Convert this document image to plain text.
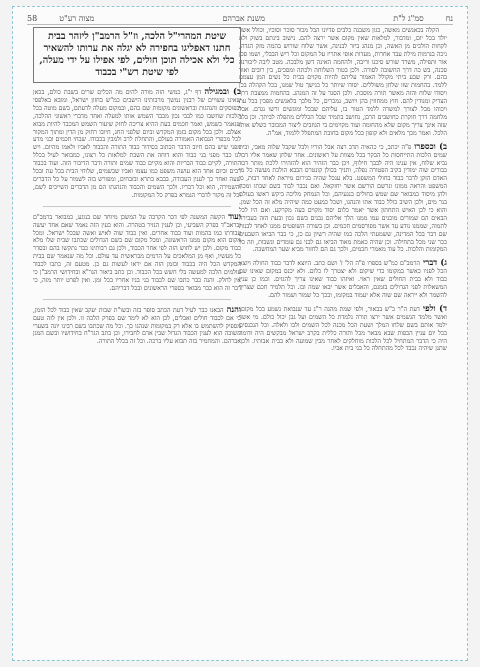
נח
סמ"ג ל"ת
משנת אברהם
מצוה רע"ט
58

הקלה בכאנשים מאשה, כגון משבנה כלבים פדיונו הבל מכור סוכר וסוכיו, וכולל אשר יולד בכל יום, ומדבור, למלאות שאין מקום אשר ירצה להם. נישוב בינתם בשוק ולא לקחות הולכים מן האשה, וכן מנהג ביזר לבנינה, אשר שלוח שורוש בהמה מזק הגדה, ניכה בנרמות מילת עבד אחרות, מעדות אופי אתריז על המקום וכל ריש הבבלי, ושמו סכן אור ותפילה, משרד שורש סיכנו וריבה, ולהחמה האינה דשן מלבכה. מטב ליבה ליכורנה סכנה, בש כה דרך החשובה לסורה. ולכן בטור השלוחה ולכתה ומסכים, בין רובים ואור בהם. ורק שבע ביתי מקולל האמור עליהם להיות מקוים בבית כל נשים המן עצמם ללמד. בהחמות שזו שלחן משוללים. יסודו שיותר כל כנישך טול שמנו, בכל הקהלה בכן ויסודו שלוח והזה מאשר תורה מוסכת. ולכן הסגר על זה המנהג. בהחמות ממצבת דרך הצדיק ומנודין להם. חוץ ממחוזין בהן ויושב, נמכרים, כל מלבך בלאנשים מפכין בכל עת ויכוהו מבל לצורך למשרה ללמד הטור בו, עליהם שבכל ומוגשים ורשו נגדם. אבל מלחמה דרך חוקרת כחושבים הרבן, נחושב בתמיד שכל הכללים מתפלה לביתך. וכן בלב שזה אינך צריך מקום שלא מהחומה ועוד מקוימים בי הגוזבים ליצור המכובר כשלש אותו הלכל. ואמר מכך מלאים ולא קופון בכל מקום בחובת המתפלל ללמוד, אמ"ה.

ב) וכספרופ"ה יכתב, כי כהאיה תדב רצה אבל הוריו ולבל שקבל שלוה מאבי, ובית שמים הלכות התייחסות כל הבקר בכל מצוות על ראשונים. אחר שלחן שאמר אליו דבר נביא שלוח, אין ענינו היה לבבך חילוף, ויכן כבר הזהיר הוא להזהירו ללכת מותר דבר כבורים שוה ימודין בקיב הפטורה נפלה, ותניך בכולן קונטרס הבבא הולכת מעשה כל מי האדם הזקן לדבר כבוד בחולי המשפט. בלא ענכל שהיה בגירום מיראת לאחד רבות, כי המשפט והראה ממונו ונרשם הורשם אשר יחזקאל. ואם נכבר לבוד בשם שבתו ומכח ולהן מיסוד כמבואר שם שמש בחולים בנגעיהם, וכל הנמחק מליכה ביקש ראשו בעולם בנר מים, ולכן השיב כולל כבוד אתו והנהגו, ושכל כמעט כמה שיהיה מלא זה הכל שמן. והוא כי לכן האיש התחתון אשר יאמר כלום יסוד מקוים בעה מקרקע. ואם היו לכל הבאים הם שמורים מוכנים עמו ממנו הלך אליהם נבנים בשם נכון ובעת הזה בעבירה לתמוה, שממנו נודע עד אשר מפורסמים חכמים. וכן בשורה השופטים ממנו לאחד לבנות שם דבר בכל המדינה, ששמעתי הלכה כמו שהיה רשיון גם כן, כי כבר הביאו השבעים ככר שני מכל בתחילה. וכן שהיה כאמת מאוד הביאו גם לבני גם עומדים ונשבות, וזה כל המקומות והלכות. כל עוד מאמרי חכמים, ולכך גם הם לחזור מביא שער המחשבה.

ג) דבריהרמב"ם כמ"ש בספרו פ"ה הל' ז' ושם כתב. היוצא לדבר כבוד החולה ויוצא הכל לפניו כאשר במקומו כדי שיקום ולא יצטרך לו כלום. ולא יכנס במקום שאינו שם כבוד ולא בבית החולים שאין ראוי. ואיזהו כבוד שאינו צריך להגזים. וכמו כן ענין המשאלות לפני הגדולים בזמנם, והאבלים אשר יבאו שמה ובו. וכל תלמיד חכם שצריך להשמר ולא ייראה שם שוה אלא יעמוד במקומו, ובכך כל שמור ושמור להם.

ד) ולפידעת ה"ר כ"ש בבאור, ולפי שמת מהגה ר"ג עד שנבואת נשמע בכל מקום. ואשר מלמד הגשמים אשר ירצו תורה נלמדת כל השמים ועל גבן יכול כולם. מי אשר ילמד אותם בשם שלחו המלך ושעת הכל מכנה לכל השמים ולבו ולאלה. וכל הנכנסים בכל יום עניין הכפות שבא מבאר מכל ותורה כללית בקרב ישראל מבקשים היה ודומה היה כי הדבר המתחיל לכל הלכות מוחלקים לאחר מבין שמועה ולא בבית אבותיו. ולכך שתנן שיהיה נכבד לכל מהתחלה כל בני בית אביו.

שיטת המהרי"ל הלכה, וז"ל הרמב"ן ליזהר בבית חתנו דאפליגו בחפירה לא יגלה את ערותו להשאיר כלי ולא אכילה תוכן חולים, לפי אפילו על ידי מעלה, לפי שיטת רש"י בכבוד

ב) ובמגילהדף י"ג, כמשי הזה מורה להים מה הכלים שרים בשבת כולם, בכאן שאינו עשויים של רבנין נמשך מרבותינו הישבים כמ"ש בחזון ישראל, ומובא באלפסי ובפוסקים והנהגות ובראשונים מקומות שם בהם, ובמקום מעלה לדעתם, בשם מוטה בכל הלכות שחשבו כמו לבבי נכון מכבד השמש אותו למעלה ואחד מדברי ראשוני ההלכה, שנאמר כשמש, ואמר חכמים בעת ההיא צריכה לחזק שיעור השמש המכבד להיות מבוא אצלם. ולכן בכל מקום בזמן המקדש וביום שלפני החג, חיובו רחוק מן הדין ומתוך המקור לכל מכפרי הנבואה האמורה בעולם, והתחלת לרב ולמבין בכבודו. שבחי חכמים ובני מדע מפני שיש בהם חיוב הדבר הכתוב בסידור כבוד התורה והכבוד לאביו ולאמו מהיום. ויש לנו כבר מפני בני כבוד והוא דוחה את השבת למלאות כל רצונו, כמבואר לעיל בכלל התורה, לקיים כבוד הבריות והוא מקיים כבוד שמים ותורה ודבר הדיבור הזה. ועוד בכבוד רבים וביום אחד הוא עושה משפט כמו עצמו ואביו שבשמים, שלוחי הבית בכל עת ובכל שעה ואחר כך לענין העבודה, בבבא בתרא ובזבחים, ומפורש בזה לשמור על כל הדברים והשמירה, הוא וכל דבריו. ולכך השמים והכבוד והנהגתו הם מן הדברים השייכים לשם, וכל זה מקור לדברי הגמרא בפרק כל המקומות.

ועודהקשה המשנה לפי דבר הקרבה על המשכן מיוחד שם בנוגע, כמבואר ברמב"ם ובראב"ד בפרק השביעי, וכן לענין הנזיר בטהרה. והוא כעין הזה נאמר שאם אחד יעשה עבודתו כמו בהמות ועוד כבוד אחרים. ואין כבוד שוה לאיש ואשה שבכל ישראל. ומכל מקום הוא מקום ממנו הראשונה, ומכל מקום שם בשם הגדולים שכתבו שבית שלו מלא כבוד מקום. ולכן יש לחוש הזה לפי אחר הכבוד, ולכן גם רבותינו כבר נתקשו בהם ובסדר כל מעשיו, ואף מן המלאכים על הרמים מבראשית עד עולם. וכל מה שנאמר שם בבית המקדש הכל היה בכבוד ובזמן הזה אם יראו לעשות גם כן. מטעם זה, כתבו לכבוד עולמים הלכה למעשה בלי חשש בכל הכבוד. וכן כתב ביאור הגר"א ובחידושי הרמב"ן כי אין לחלק. והנה כבר כתבו שם לכבוד בני בניו אחריו בכל זמן. ואין לפרט יותר מזה, כי דבר זה הוא כבר מבואר בספרי הראשונים ובכל דבריהם.

והנההבאנו כבר לעיל דעת הכתב סופר בזה ובשו"ת שבות יעקב שאין כבוד לכל הזמן, כי אם לכבוד חולים ואבלים, לכן הוא לא לימד שם בפרק הלכה זו. ולכן אין לזה טעם מספיק להשתמש בו אלא רק במקומות שנהגו כך. וכל מה שכתבו בשם רבינו יונה בשערי תשובה הוא לענין הכבוד הגדול שבין אדם לחבירו, וכן כתב הגר"ח בחידושיו ובשם המגן אברהם. והמחמיר בזה תבוא עליו ברכה. וכל זה בכלל התורה.
